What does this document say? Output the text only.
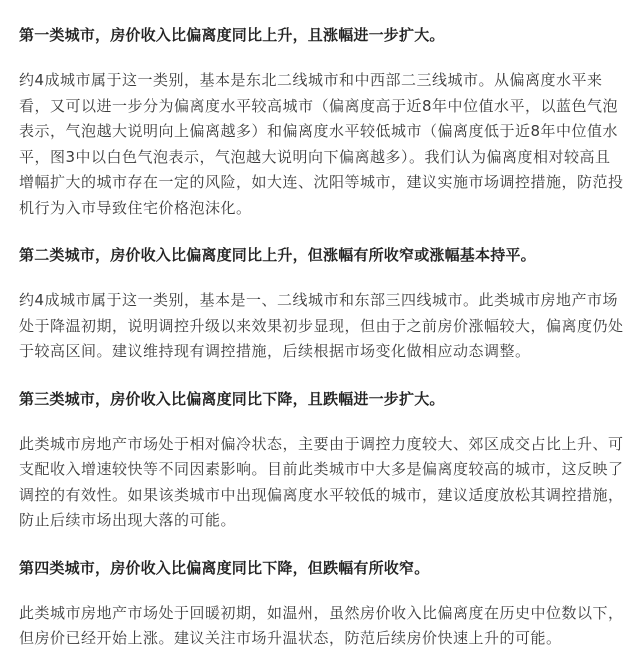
第一类城市，房价收入比偏离度同比上升，且涨幅进一步扩大。

约4成城市属于这一类别，基本是东北二线城市和中西部二三线城市。从偏离度水平来看，又可以进一步分为偏离度水平较高城市（偏离度高于近8年中位值水平，以蓝色气泡表示，气泡越大说明向上偏离越多）和偏离度水平较低城市（偏离度低于近8年中位值水平，图3中以白色气泡表示，气泡越大说明向下偏离越多）。我们认为偏离度相对较高且增幅扩大的城市存在一定的风险，如大连、沈阳等城市，建议实施市场调控措施，防范投机行为入市导致住宅价格泡沫化。

第二类城市，房价收入比偏离度同比上升，但涨幅有所收窄或涨幅基本持平。

约4成城市属于这一类别，基本是一、二线城市和东部三四线城市。此类城市房地产市场处于降温初期，说明调控升级以来效果初步显现，但由于之前房价涨幅较大，偏离度仍处于较高区间。建议维持现有调控措施，后续根据市场变化做相应动态调整。

第三类城市，房价收入比偏离度同比下降，且跌幅进一步扩大。

此类城市房地产市场处于相对偏冷状态，主要由于调控力度较大、郊区成交占比上升、可支配收入增速较快等不同因素影响。目前此类城市中大多是偏离度较高的城市，这反映了调控的有效性。如果该类城市中出现偏离度水平较低的城市，建议适度放松其调控措施，防止后续市场出现大落的可能。

第四类城市，房价收入比偏离度同比下降，但跌幅有所收窄。

此类城市房地产市场处于回暖初期，如温州，虽然房价收入比偏离度在历史中位数以下，但房价已经开始上涨。建议关注市场升温状态，防范后续房价快速上升的可能。
